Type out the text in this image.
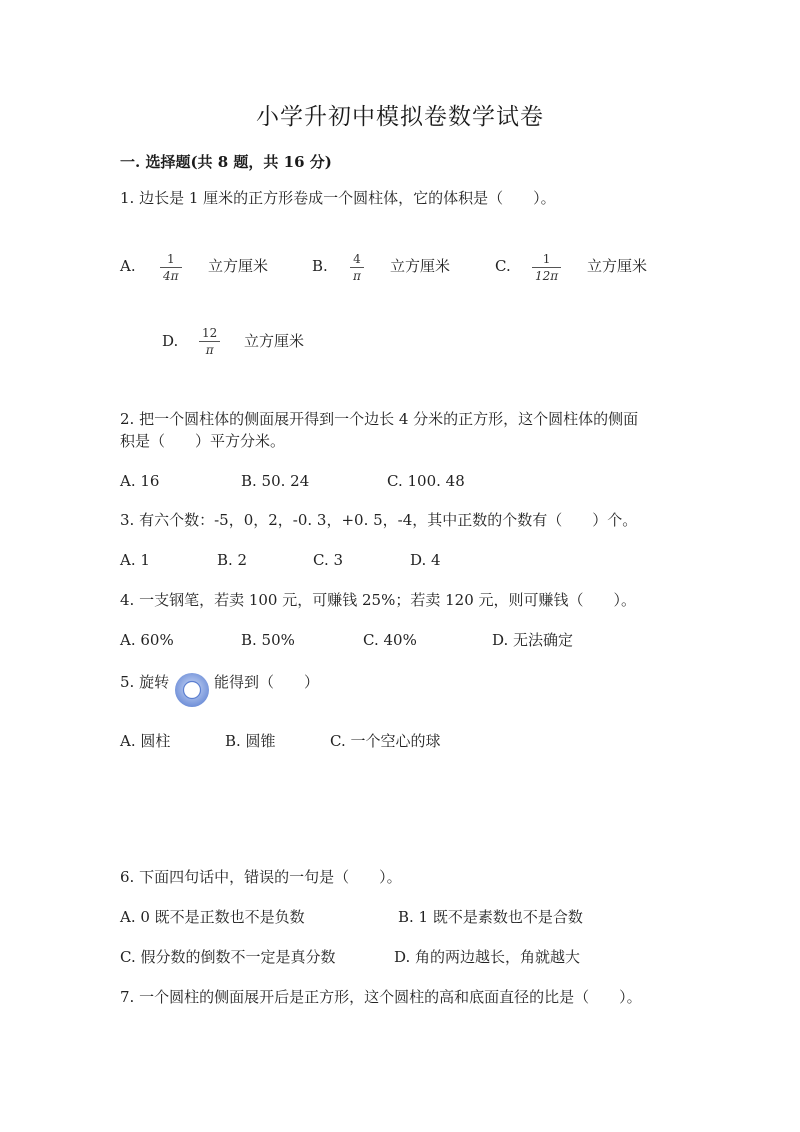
小学升初中模拟卷数学试卷
一. 选择题(共 8 题，共 16 分)
1. 边长是 1 厘米的正方形卷成一个圆柱体，它的体积是（　　）。
A.	1
4π
立方厘米	B. 4
π
立方厘米	C.	1
12π
立方厘米
D. 12
π 立方厘米
2. 把一个圆柱体的侧面展开得到一个边长 4 分米的正方形，这个圆柱体的侧面
积是（　　）平方分米。
A. 16	B. 50. 24	C. 100. 48
3. 有六个数：-5，0，2，-0. 3，+0. 5，-4，其中正数的个数有（　　）个。
A. 1	B. 2	C. 3	D. 4
4. 一支钢笔，若卖 100 元，可赚钱 25%；若卖 120 元，则可赚钱（　　）。
A. 60%	B. 50%	C. 40%	D. 无法确定
5. 旋转	能得到（　　）
A. 圆柱	B. 圆锥	C. 一个空心的球
6. 下面四句话中，错误的一句是（　　）。
A. 0 既不是正数也不是负数	B. 1 既不是素数也不是合数
C. 假分数的倒数不一定是真分数	D. 角的两边越长，角就越大
7. 一个圆柱的侧面展开后是正方形，这个圆柱的高和底面直径的比是（　　）。
